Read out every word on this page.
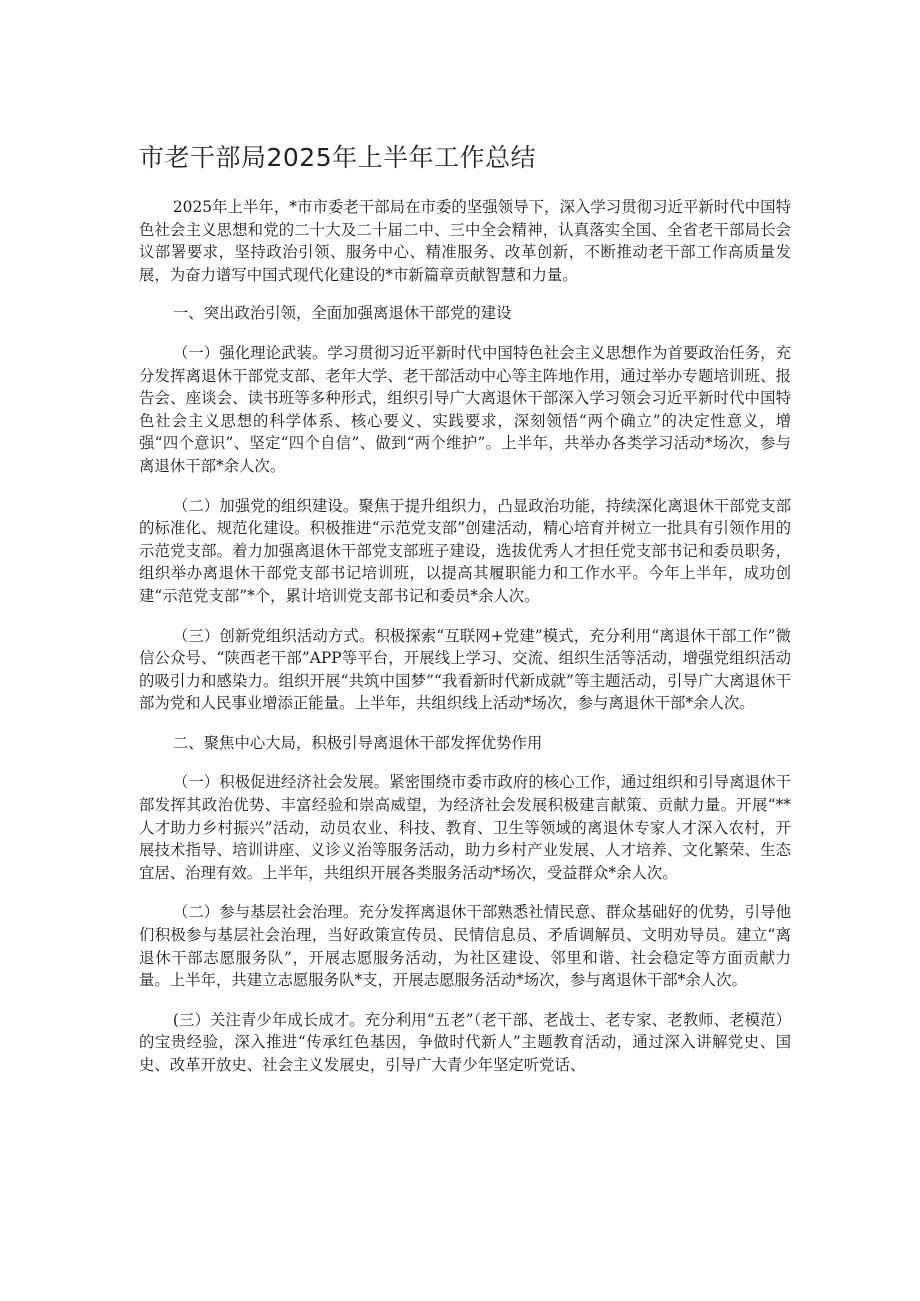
市老干部局2025年上半年工作总结

2025年上半年，*市市委老干部局在市委的坚强领导下，深入学习贯彻习近平新时代中国特色社会主义思想和党的二十大及二十届二中、三中全会精神，认真落实全国、全省老干部局长会议部署要求，坚持政治引领、服务中心、精准服务、改革创新，不断推动老干部工作高质量发展，为奋力谱写中国式现代化建设的*市新篇章贡献智慧和力量。

一、突出政治引领，全面加强离退休干部党的建设

（一）强化理论武装。学习贯彻习近平新时代中国特色社会主义思想作为首要政治任务，充分发挥离退休干部党支部、老年大学、老干部活动中心等主阵地作用，通过举办专题培训班、报告会、座谈会、读书班等多种形式，组织引导广大离退休干部深入学习领会习近平新时代中国特色社会主义思想的科学体系、核心要义、实践要求，深刻领悟“两个确立”的决定性意义，增强“四个意识”、坚定“四个自信”、做到“两个维护”。上半年，共举办各类学习活动*场次，参与离退休干部*余人次。

（二）加强党的组织建设。聚焦于提升组织力，凸显政治功能，持续深化离退休干部党支部的标准化、规范化建设。积极推进“示范党支部”创建活动，精心培育并树立一批具有引领作用的示范党支部。着力加强离退休干部党支部班子建设，选拔优秀人才担任党支部书记和委员职务，组织举办离退休干部党支部书记培训班，以提高其履职能力和工作水平。今年上半年，成功创建“示范党支部”*个，累计培训党支部书记和委员*余人次。

（三）创新党组织活动方式。积极探索“互联网+党建”模式，充分利用“离退休干部工作”微信公众号、“陕西老干部”APP等平台，开展线上学习、交流、组织生活等活动，增强党组织活动的吸引力和感染力。组织开展“共筑中国梦”“我看新时代新成就”等主题活动，引导广大离退休干部为党和人民事业增添正能量。上半年，共组织线上活动*场次，参与离退休干部*余人次。

二、聚焦中心大局，积极引导离退休干部发挥优势作用

（一）积极促进经济社会发展。紧密围绕市委市政府的核心工作，通过组织和引导离退休干部发挥其政治优势、丰富经验和崇高威望，为经济社会发展积极建言献策、贡献力量。开展“**人才助力乡村振兴”活动，动员农业、科技、教育、卫生等领域的离退休专家人才深入农村，开展技术指导、培训讲座、义诊义治等服务活动，助力乡村产业发展、人才培养、文化繁荣、生态宜居、治理有效。上半年，共组织开展各类服务活动*场次，受益群众*余人次。

（二）参与基层社会治理。充分发挥离退休干部熟悉社情民意、群众基础好的优势，引导他们积极参与基层社会治理，当好政策宣传员、民情信息员、矛盾调解员、文明劝导员。建立“离退休干部志愿服务队”，开展志愿服务活动，为社区建设、邻里和谐、社会稳定等方面贡献力量。上半年，共建立志愿服务队*支，开展志愿服务活动*场次，参与离退休干部*余人次。

(三）关注青少年成长成才。充分利用“五老”（老干部、老战士、老专家、老教师、老模范）的宝贵经验，深入推进“传承红色基因，争做时代新人”主题教育活动，通过深入讲解党史、国史、改革开放史、社会主义发展史，引导广大青少年坚定听党话、
